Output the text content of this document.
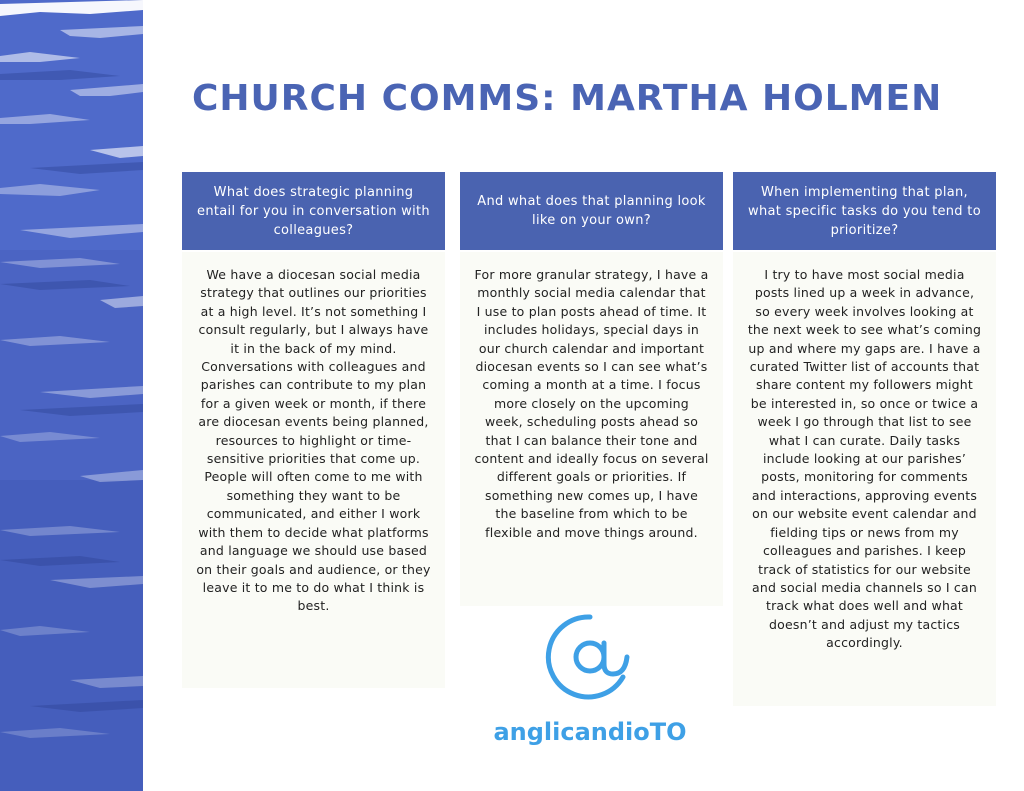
CHURCH COMMS: MARTHA HOLMEN
What does strategic planning entail for you in conversation with colleagues?
We have a diocesan social media strategy that outlines our priorities at a high level. It’s not something I consult regularly, but I always have it in the back of my mind. Conversations with colleagues and parishes can contribute to my plan for a given week or month, if there are diocesan events being planned, resources to highlight or time-sensitive priorities that come up. People will often come to me with something they want to be communicated, and either I work with them to decide what platforms and language we should use based on their goals and audience, or they leave it to me to do what I think is best.
And what does that planning look like on your own?
For more granular strategy, I have a monthly social media calendar that I use to plan posts ahead of time. It includes holidays, special days in our church calendar and important diocesan events so I can see what’s coming a month at a time. I focus more closely on the upcoming week, scheduling posts ahead so that I can balance their tone and content and ideally focus on several different goals or priorities. If something new comes up, I have the baseline from which to be flexible and move things around.
When implementing that plan, what specific tasks do you tend to prioritize?
I try to have most social media posts lined up a week in advance, so every week involves looking at the next week to see what’s coming up and where my gaps are. I have a curated Twitter list of accounts that share content my followers might be interested in, so once or twice a week I go through that list to see what I can curate. Daily tasks include looking at our parishes’ posts, monitoring for comments and interactions, approving events on our website event calendar and fielding tips or news from my colleagues and parishes. I keep track of statistics for our website and social media channels so I can track what does well and what doesn’t and adjust my tactics accordingly.
anglicandioTO
